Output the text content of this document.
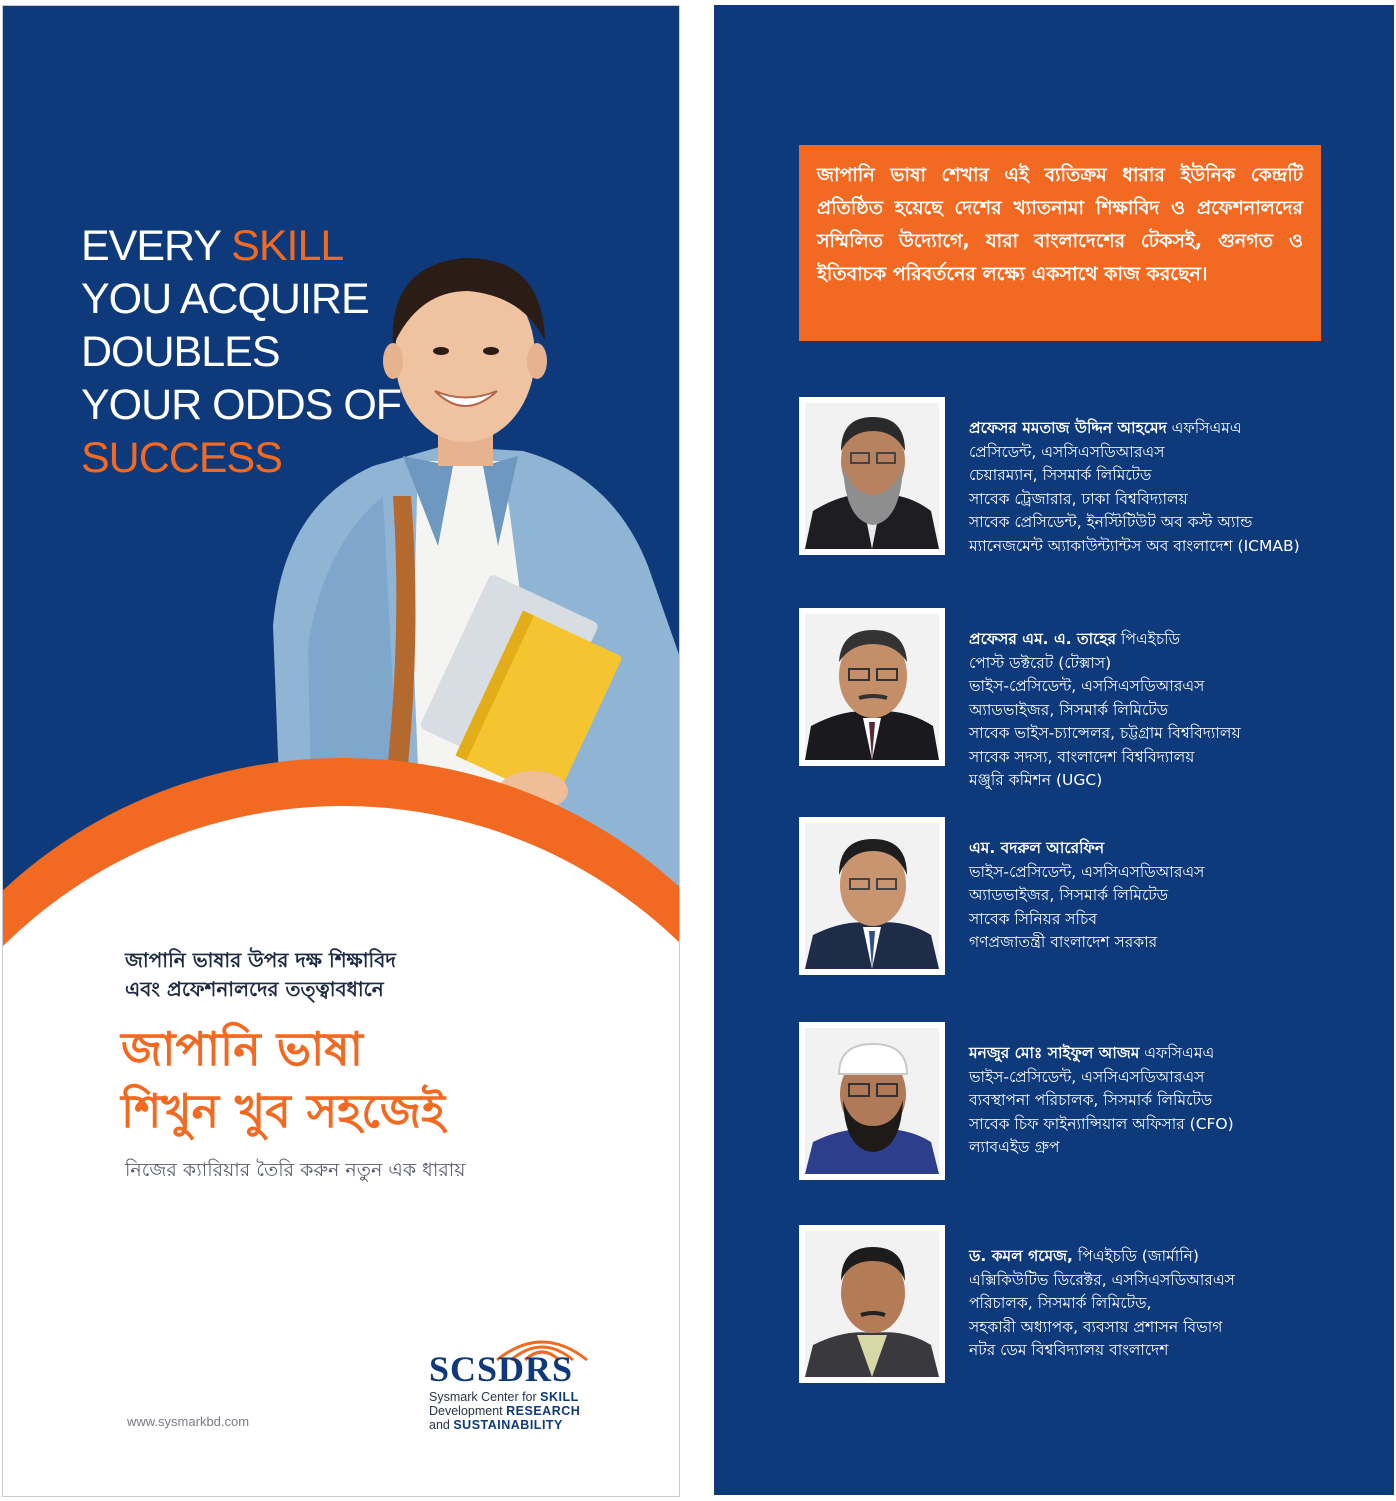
EVERY SKILL
YOU ACQUIRE
DOUBLES
YOUR ODDS OF
SUCCESS
জাপানি ভাষার উপর দক্ষ শিক্ষাবিদ
এবং প্রফেশনালদের তত্ত্বাবধানে
জাপানি ভাষা
শিখুন খুব সহজেই
নিজের ক্যারিয়ার তৈরি করুন নতুন এক ধারায়
www.sysmarkbd.com
SCSDRS
Sysmark Center for SKILL
Development RESEARCH
and SUSTAINABILITY
জাপানি ভাষা শেখার এই ব্যতিক্রম ধারার ইউনিক কেন্দ্রটি প্রতিষ্ঠিত হয়েছে দেশের খ্যাতনামা শিক্ষাবিদ ও প্রফেশনালদের সম্মিলিত উদ্যোগে, যারা বাংলাদেশের টেকসই, গুনগত ও ইতিবাচক পরিবর্তনের লক্ষ্যে একসাথে কাজ করছেন।
প্রফেসর মমতাজ উদ্দিন আহমেদ এফসিএমএ
প্রেসিডেন্ট, এসসিএসডিআরএস
চেয়ারম্যান, সিসমার্ক লিমিটেড
সাবেক ট্রেজারার, ঢাকা বিশ্ববিদ্যালয়
সাবেক প্রেসিডেন্ট, ইনস্টিটিউট অব কস্ট অ্যান্ড
ম্যানেজমেন্ট অ্যাকাউন্ট্যান্টস অব বাংলাদেশ (ICMAB)
প্রফেসর এম. এ. তাহের পিএইচডি
পোস্ট ডক্টরেট (টেক্সাস)
ভাইস-প্রেসিডেন্ট, এসসিএসডিআরএস
অ্যাডভাইজর, সিসমার্ক লিমিটেড
সাবেক ভাইস-চ্যান্সেলর, চট্টগ্রাম বিশ্ববিদ্যালয়
সাবেক সদস্য, বাংলাদেশ বিশ্ববিদ্যালয়
মঞ্জুরি কমিশন (UGC)
এম. বদরুল আরেফিন
ভাইস-প্রেসিডেন্ট, এসসিএসডিআরএস
অ্যাডভাইজর, সিসমার্ক লিমিটেড
সাবেক সিনিয়র সচিব
গণপ্রজাতন্ত্রী বাংলাদেশ সরকার
মনজুর মোঃ সাইফুল আজম এফসিএমএ
ভাইস-প্রেসিডেন্ট, এসসিএসডিআরএস
ব্যবস্থাপনা পরিচালক, সিসমার্ক লিমিটেড
সাবেক চিফ ফাইন্যান্সিয়াল অফিসার (CFO)
ল্যাবএইড গ্রুপ
ড. কমল গমেজ, পিএইচডি (জার্মানি)
এক্সিকিউটিভ ডিরেক্টর, এসসিএসডিআরএস
পরিচালক, সিসমার্ক লিমিটেড,
সহকারী অধ্যাপক, ব্যবসায় প্রশাসন বিভাগ
নটর ডেম বিশ্ববিদ্যালয় বাংলাদেশ
